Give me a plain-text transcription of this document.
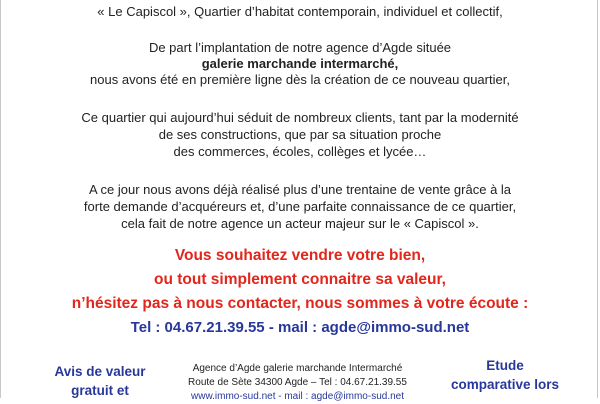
« Le Capiscol », Quartier d’habitat contemporain, individuel et collectif,
De part l’implantation de notre agence d’Agde située
galerie marchande intermarché,
nous avons été en première ligne dès la création de ce nouveau quartier,
Ce quartier qui aujourd’hui séduit de nombreux clients, tant par la modernité
de ses constructions, que par sa situation proche
des commerces, écoles, collèges et lycée…
A ce jour nous avons déjà réalisé plus d’une trentaine de vente grâce à la
forte demande d’acquéreurs et, d’une parfaite connaissance de ce quartier,
cela fait de notre agence un acteur majeur sur le « Capiscol ».
Vous souhaitez vendre votre bien,
ou tout simplement connaitre sa valeur,
n’hésitez pas à nous contacter, nous sommes à votre écoute :
Tel : 04.67.21.39.55 - mail : agde@immo-sud.net
Avis de valeur
gratuit et
Agence d’Agde galerie marchande Intermarché
Route de Sète 34300 Agde – Tel : 04.67.21.39.55
www.immo-sud.net - mail : agde@immo-sud.net
Etude
comparative lors
